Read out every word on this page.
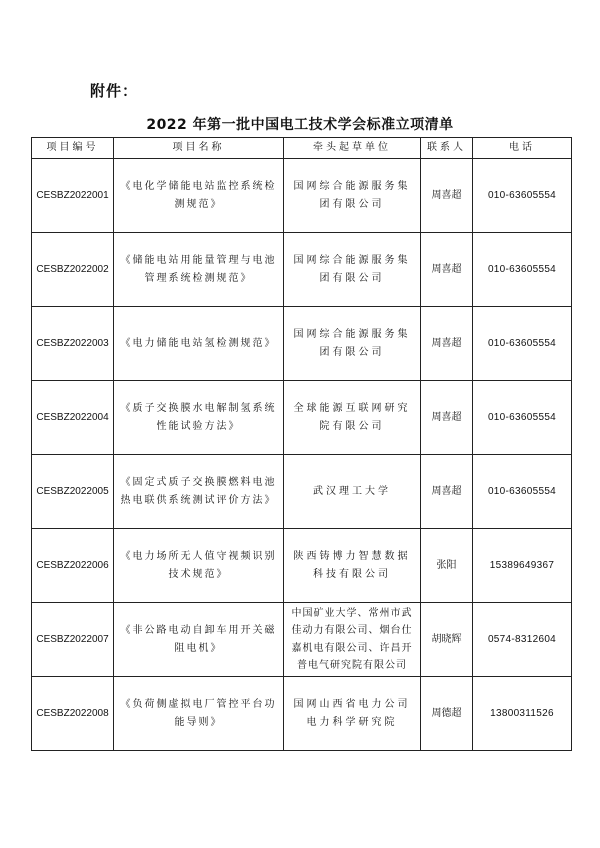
附件：
2022 年第一批中国电工技术学会标准立项清单
项目编号	项目名称	牵头起草单位	联系人	电话
CESBZ2022001	《电化学储能电站监控系统检测规范》	国网综合能源服务集团有限公司	周喜超	010-63605554
CESBZ2022002	《储能电站用能量管理与电池管理系统检测规范》	国网综合能源服务集团有限公司	周喜超	010-63605554
CESBZ2022003	《电力储能电站氢检测规范》	国网综合能源服务集团有限公司	周喜超	010-63605554
CESBZ2022004	《质子交换膜水电解制氢系统性能试验方法》	全球能源互联网研究院有限公司	周喜超	010-63605554
CESBZ2022005	《固定式质子交换膜燃料电池热电联供系统测试评价方法》	武汉理工大学	周喜超	010-63605554
CESBZ2022006	《电力场所无人值守视频识别技术规范》	陕西铸博力智慧数据科技有限公司	张阳	15389649367
CESBZ2022007	《非公路电动自卸车用开关磁阻电机》	中国矿业大学、常州市武佳动力有限公司、烟台仕嘉机电有限公司、许昌开普电气研究院有限公司	胡晓辉	0574-8312604
CESBZ2022008	《负荷侧虚拟电厂管控平台功能导则》	国网山西省电力公司电力科学研究院	周德超	13800311526
